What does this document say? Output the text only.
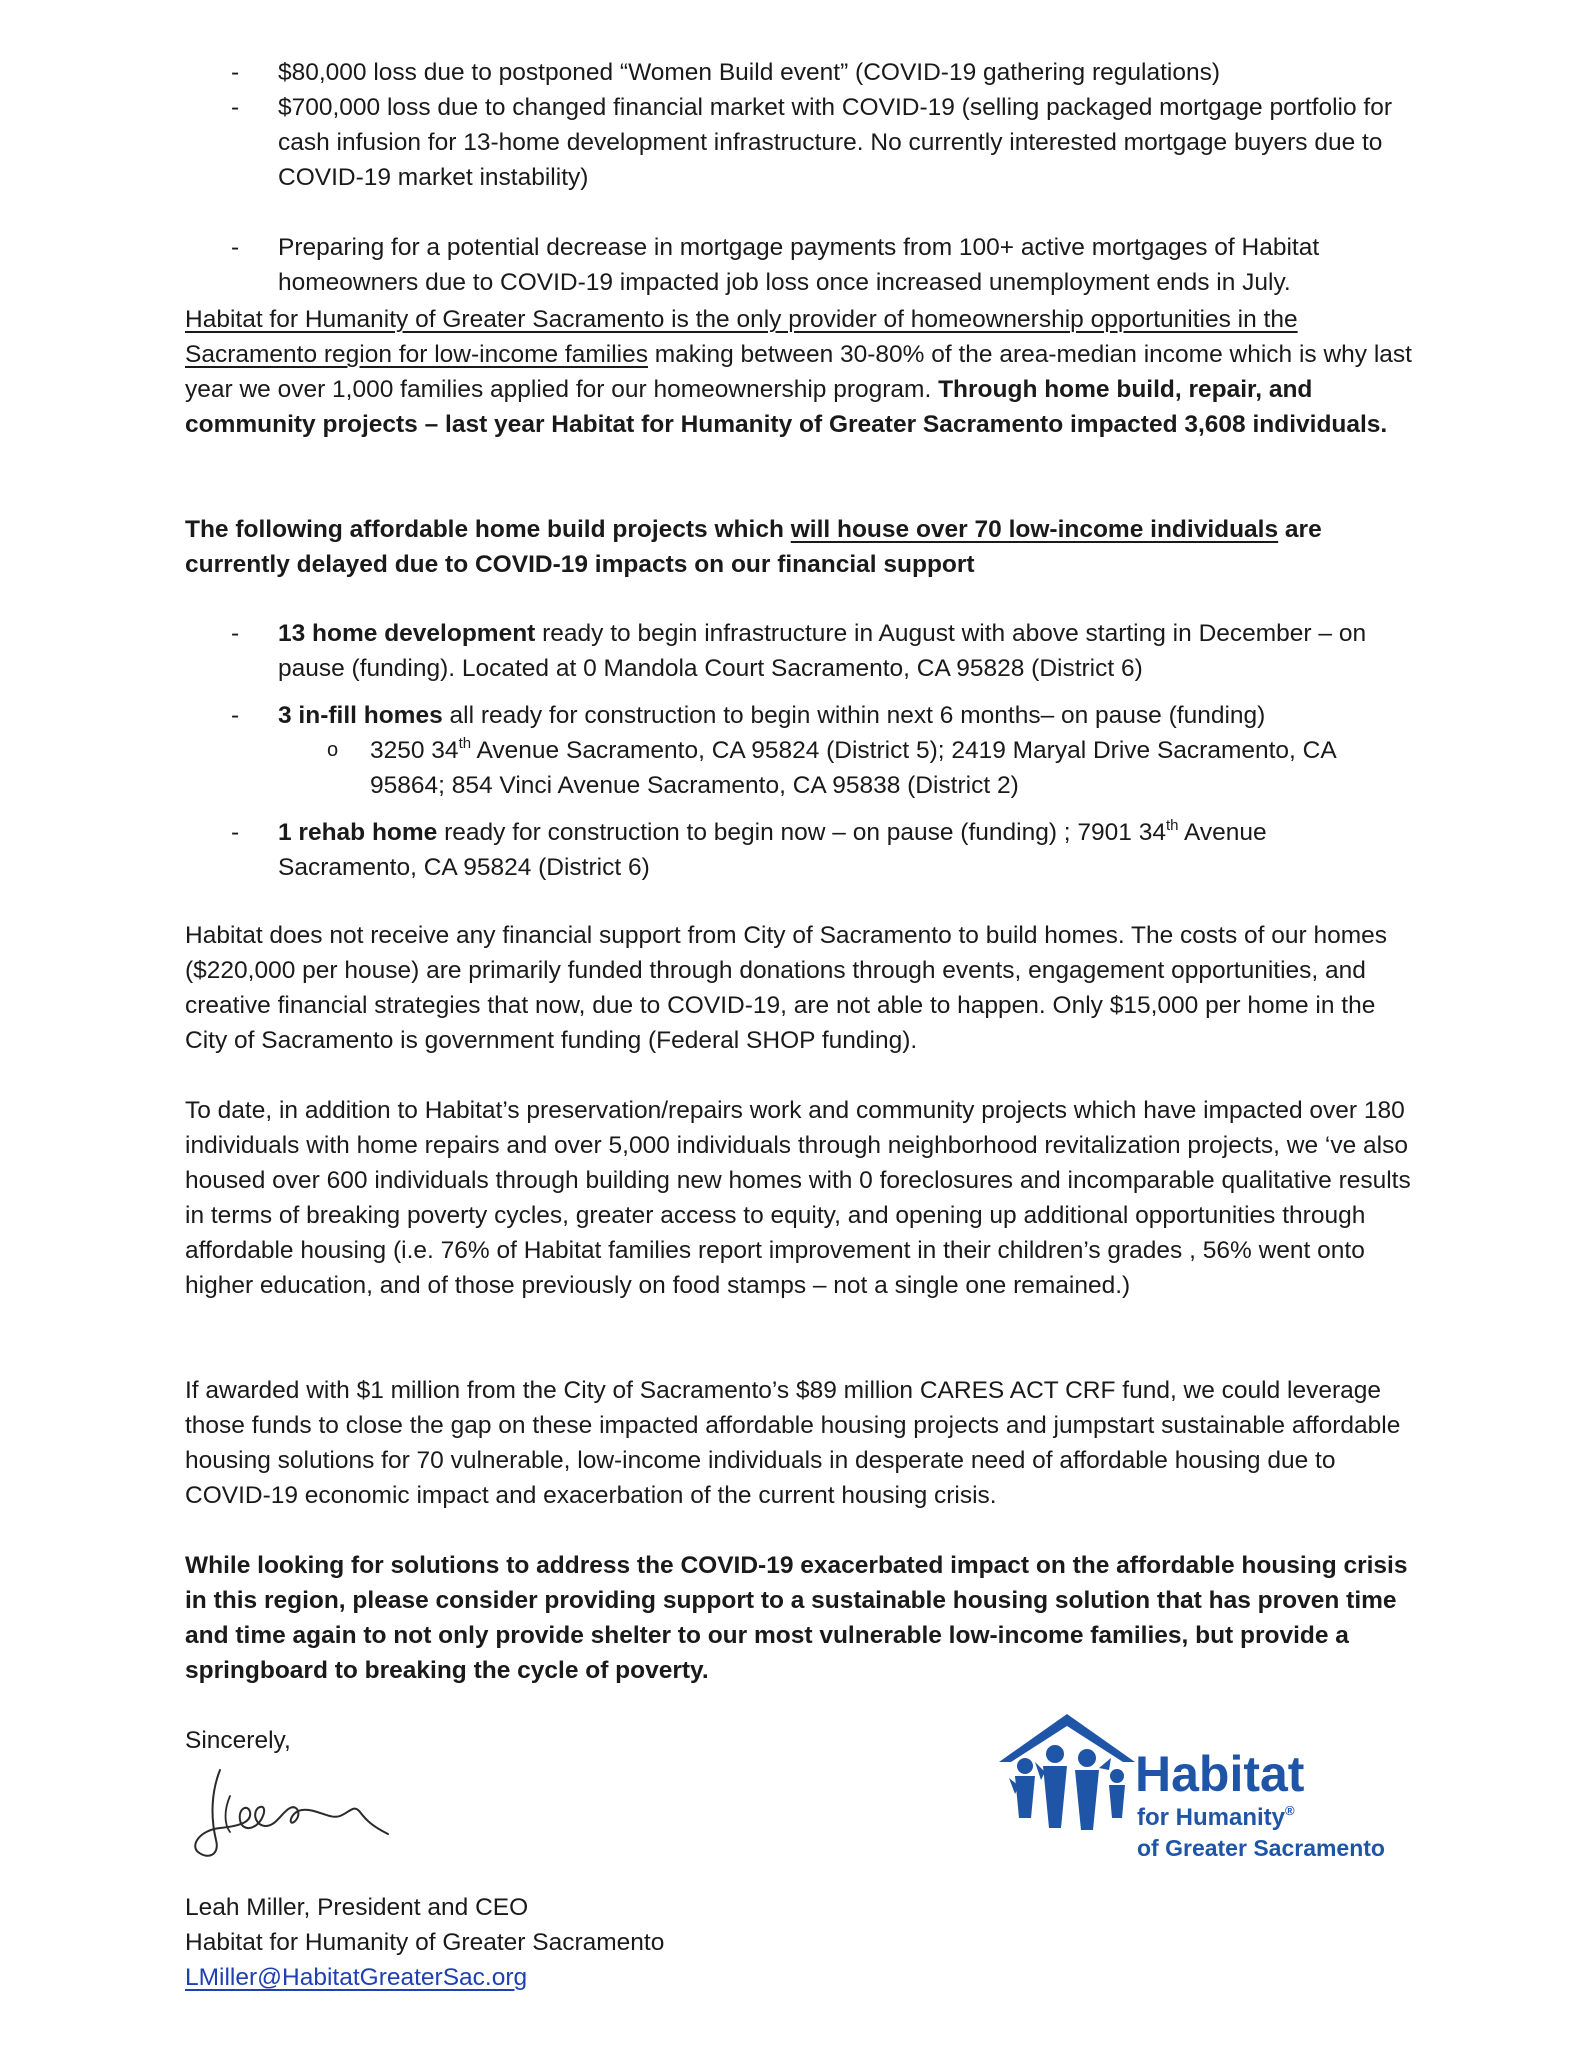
- $80,000 loss due to postponed “Women Build event” (COVID-19 gathering regulations)
- $700,000 loss due to changed financial market with COVID-19 (selling packaged mortgage portfolio for cash infusion for 13-home development infrastructure. No currently interested mortgage buyers due to COVID-19 market instability)
- Preparing for a potential decrease in mortgage payments from 100+ active mortgages of Habitat homeowners due to COVID-19 impacted job loss once increased unemployment ends in July.

Habitat for Humanity of Greater Sacramento is the only provider of homeownership opportunities in the Sacramento region for low-income families making between 30-80% of the area-median income which is why last year we over 1,000 families applied for our homeownership program. Through home build, repair, and community projects – last year Habitat for Humanity of Greater Sacramento impacted 3,608 individuals.

The following affordable home build projects which will house over 70 low-income individuals are currently delayed due to COVID-19 impacts on our financial support

- 13 home development ready to begin infrastructure in August with above starting in December – on pause (funding). Located at 0 Mandola Court Sacramento, CA 95828 (District 6)
- 3 in-fill homes all ready for construction to begin within next 6 months– on pause (funding)
o 3250 34th Avenue Sacramento, CA 95824 (District 5); 2419 Maryal Drive Sacramento, CA 95864; 854 Vinci Avenue Sacramento, CA 95838 (District 2)
- 1 rehab home ready for construction to begin now – on pause (funding) ; 7901 34th Avenue Sacramento, CA 95824 (District 6)

Habitat does not receive any financial support from City of Sacramento to build homes. The costs of our homes ($220,000 per house) are primarily funded through donations through events, engagement opportunities, and creative financial strategies that now, due to COVID-19, are not able to happen. Only $15,000 per home in the City of Sacramento is government funding (Federal SHOP funding).

To date, in addition to Habitat’s preservation/repairs work and community projects which have impacted over 180 individuals with home repairs and over 5,000 individuals through neighborhood revitalization projects, we ‘ve also housed over 600 individuals through building new homes with 0 foreclosures and incomparable qualitative results in terms of breaking poverty cycles, greater access to equity, and opening up additional opportunities through affordable housing (i.e. 76% of Habitat families report improvement in their children’s grades , 56% went onto higher education, and of those previously on food stamps – not a single one remained.)

If awarded with $1 million from the City of Sacramento’s $89 million CARES ACT CRF fund, we could leverage those funds to close the gap on these impacted affordable housing projects and jumpstart sustainable affordable housing solutions for 70 vulnerable, low-income individuals in desperate need of affordable housing due to COVID-19 economic impact and exacerbation of the current housing crisis.

While looking for solutions to address the COVID-19 exacerbated impact on the affordable housing crisis in this region, please consider providing support to a sustainable housing solution that has proven time and time again to not only provide shelter to our most vulnerable low-income families, but provide a springboard to breaking the cycle of poverty.

Sincerely,

Leah Miller, President and CEO

Habitat for Humanity of Greater Sacramento

LMiller@HabitatGreaterSac.org

Habitat
for Humanity®
of Greater Sacramento
